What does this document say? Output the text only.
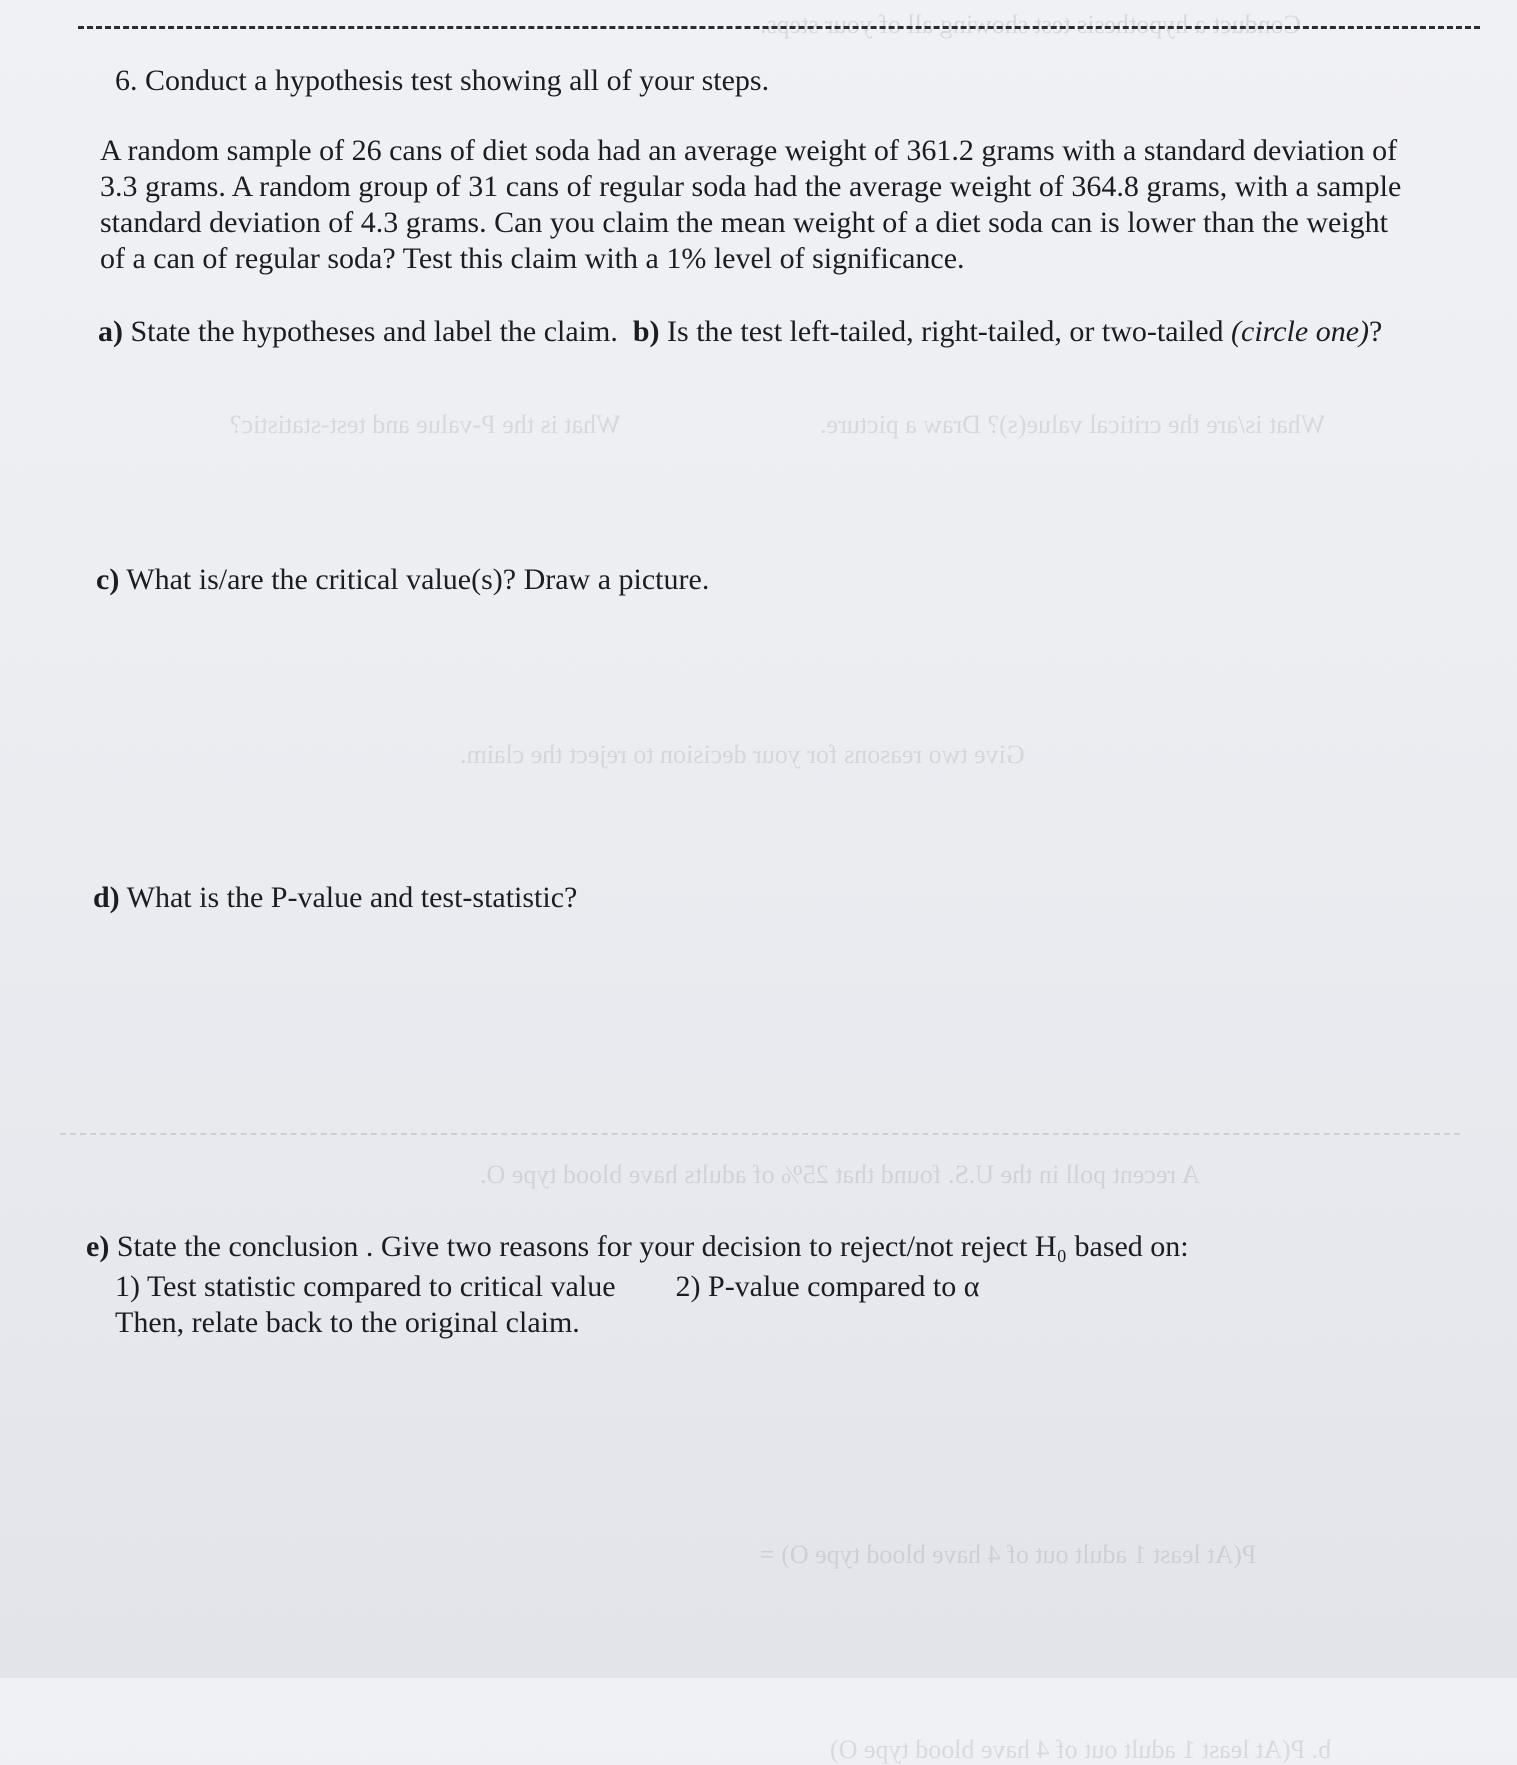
Conduct a hypothesis test showing all of your steps.
What is the P-value and test-statistic?	What is/are the critical value(s)? Draw a picture.
Give two reasons for your decision to reject the claim.
A recent poll in the U.S. found that 25% of adults have blood type O.
b. P(At least 1 adult out of 4 have blood type O)
P(At least 1 adult out of 4 have blood type O) =
6. Conduct a hypothesis test showing all of your steps.
A random sample of 26 cans of diet soda had an average weight of 361.2 grams with a standard deviation of
3.3 grams. A random group of 31 cans of regular soda had the average weight of 364.8 grams, with a sample
standard deviation of 4.3 grams. Can you claim the mean weight of a diet soda can is lower than the weight
of a can of regular soda? Test this claim with a 1% level of significance.
a) State the hypotheses and label the claim. b) Is the test left-tailed, right-tailed, or two-tailed (circle one)?
c) What is/are the critical value(s)? Draw a picture.
d) What is the P-value and test-statistic?
e) State the conclusion . Give two reasons for your decision to reject/not reject H₀ based on:
1) Test statistic compared to critical value 2) P-value compared to α
Then, relate back to the original claim.
